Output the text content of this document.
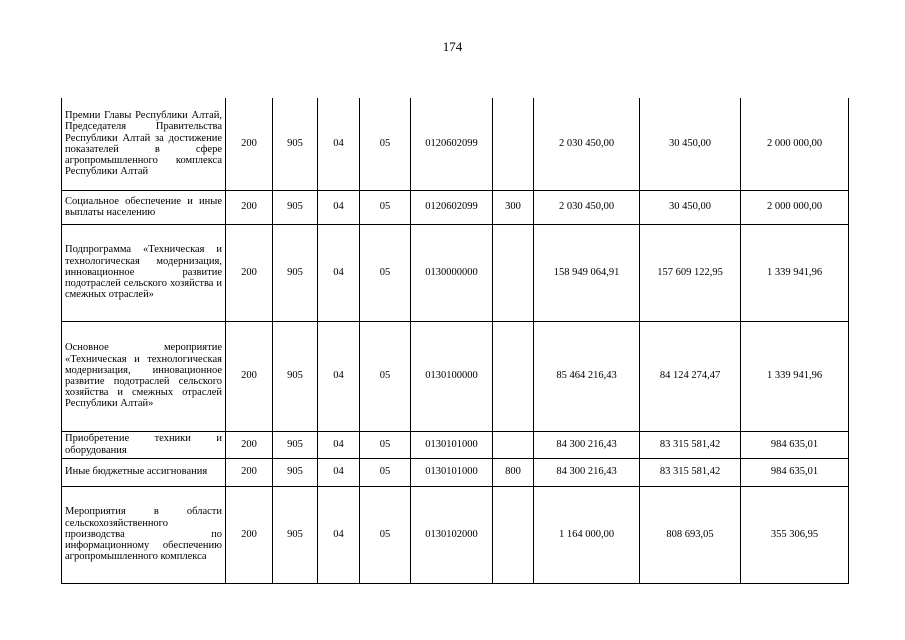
174
Премии Главы Республики Алтай, Председателя Правительства Республики Алтай за достижение показателей в сфере агропромышленного комплекса Республики Алтай	200	905	04	05	0120602099		2 030 450,00	30 450,00	2 000 000,00
Социальное обеспечение и иные выплаты населению	200	905	04	05	0120602099	300	2 030 450,00	30 450,00	2 000 000,00
Подпрограмма «Техническая и технологическая модернизация, инновационное развитие подотраслей сельского хозяйства и смежных отраслей»	200	905	04	05	0130000000		158 949 064,91	157 609 122,95	1 339 941,96
Основное мероприятие «Техническая и технологическая модернизация, инновационное развитие подотраслей сельского хозяйства и смежных отраслей Республики Алтай»	200	905	04	05	0130100000		85 464 216,43	84 124 274,47	1 339 941,96
Приобретение техники и оборудования	200	905	04	05	0130101000		84 300 216,43	83 315 581,42	984 635,01
Иные бюджетные ассигнования	200	905	04	05	0130101000	800	84 300 216,43	83 315 581,42	984 635,01
Мероприятия в области сельскохозяйственного производства по информационному обеспечению агропромышленного комплекса	200	905	04	05	0130102000		1 164 000,00	808 693,05	355 306,95
